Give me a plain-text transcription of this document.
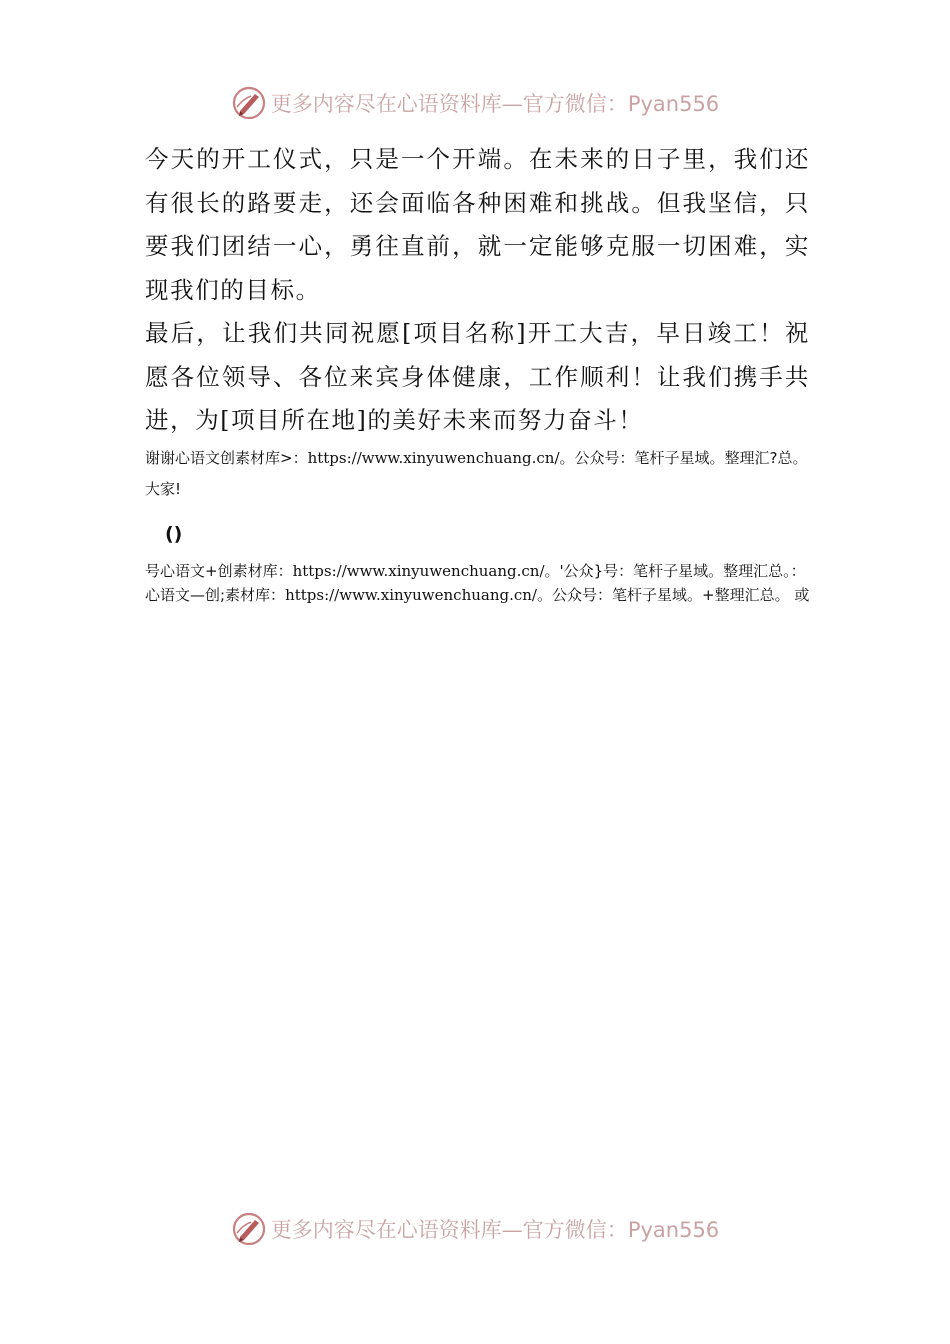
更多内容尽在心语资料库—官方微信：Pyan556

今天的开工仪式，只是一个开端。在未来的日子里，我们还有很长的路要走，还会面临各种困难和挑战。但我坚信，只要我们团结一心，勇往直前，就一定能够克服一切困难，实现我们的目标。

最后，让我们共同祝愿[项目名称]开工大吉，早日竣工！祝愿各位领导、各位来宾身体健康，工作顺利！让我们携手共进，为[项目所在地]的美好未来而努力奋斗！

谢谢心语文创素材库>：https://www.xinyuwenchuang.cn/。公众号：笔杆子星域。整理汇?总。大家!

()

号心语文+创素材库：https://www.xinyuwenchuang.cn/。'公众}号：笔杆子星域。整理汇总。：心语文—创;素材库：https://www.xinyuwenchuang.cn/。公众号：笔杆子星域。+整理汇总。 或

更多内容尽在心语资料库—官方微信：Pyan556
